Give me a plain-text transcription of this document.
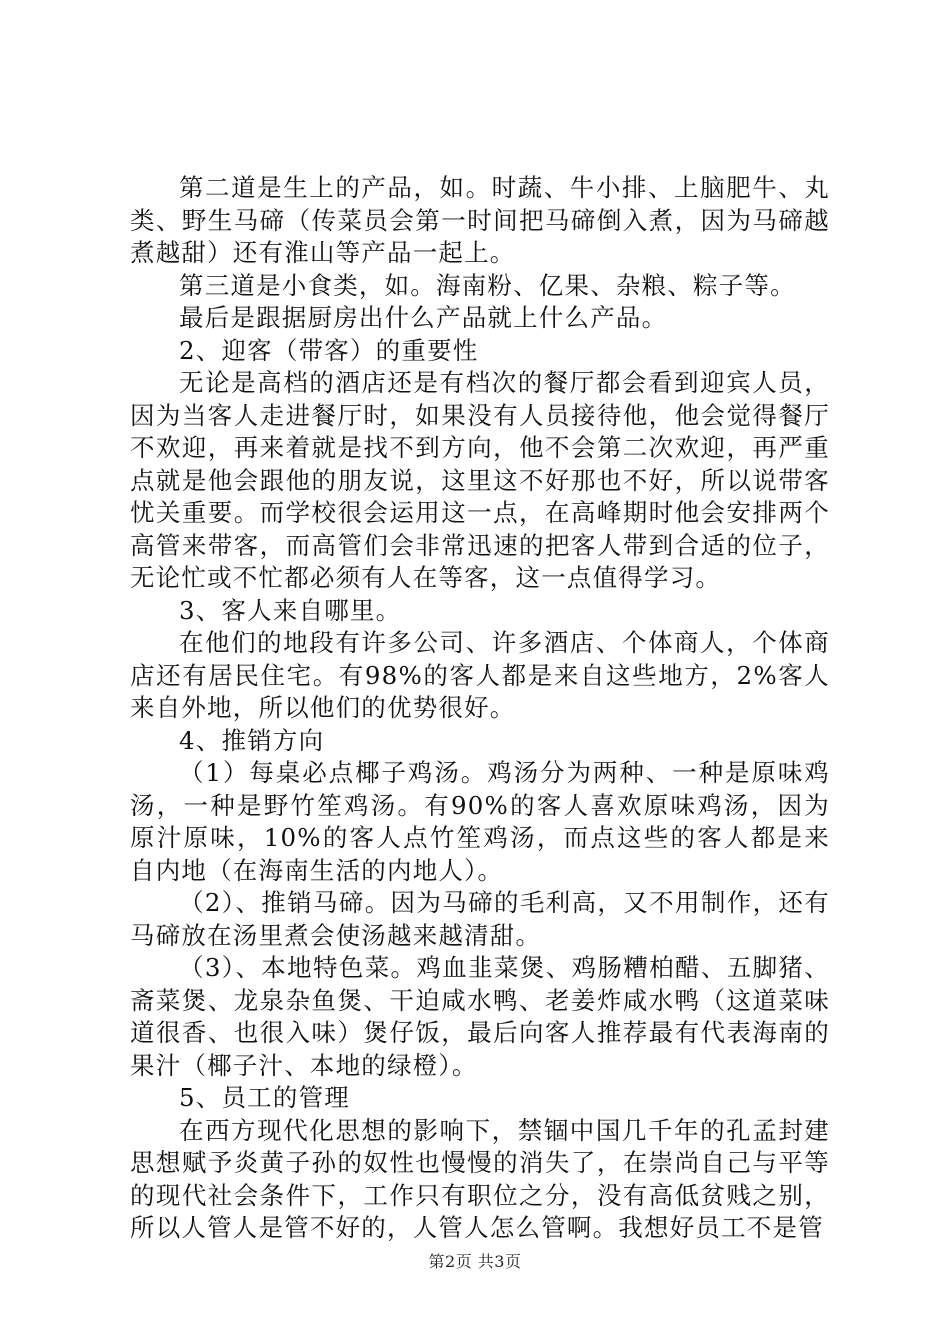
第二道是生上的产品，如。时蔬、牛小排、上脑肥牛、丸类、野生马碲（传菜员会第一时间把马碲倒入煮，因为马碲越煮越甜）还有淮山等产品一起上。

第三道是小食类，如。海南粉、亿果、杂粮、粽子等。

最后是跟据厨房出什么产品就上什么产品。

2、迎客（带客）的重要性

无论是高档的酒店还是有档次的餐厅都会看到迎宾人员，因为当客人走进餐厅时，如果没有人员接待他，他会觉得餐厅不欢迎，再来着就是找不到方向，他不会第二次欢迎，再严重点就是他会跟他的朋友说，这里这不好那也不好，所以说带客忧关重要。而学校很会运用这一点，在高峰期时他会安排两个高管来带客，而高管们会非常迅速的把客人带到合适的位子，无论忙或不忙都必须有人在等客，这一点值得学习。

3、客人来自哪里。

在他们的地段有许多公司、许多酒店、个体商人，个体商店还有居民住宅。有98%的客人都是来自这些地方，2%客人来自外地，所以他们的优势很好。

4、推销方向

（1）每桌必点椰子鸡汤。鸡汤分为两种、一种是原味鸡汤，一种是野竹笙鸡汤。有90%的客人喜欢原味鸡汤，因为原汁原味，10%的客人点竹笙鸡汤，而点这些的客人都是来自内地（在海南生活的内地人）。

（2）、推销马碲。因为马碲的毛利高，又不用制作，还有马碲放在汤里煮会使汤越来越清甜。

（3）、本地特色菜。鸡血韭菜煲、鸡肠糟柏醋、五脚猪、斋菜煲、龙泉杂鱼煲、干迫咸水鸭、老姜炸咸水鸭（这道菜味道很香、也很入味）煲仔饭，最后向客人推荐最有代表海南的果汁（椰子汁、本地的绿橙）。

5、员工的管理

在西方现代化思想的影响下，禁锢中国几千年的孔孟封建思想赋予炎黄子孙的奴性也慢慢的消失了，在崇尚自己与平等的现代社会条件下，工作只有职位之分，没有高低贫贱之别，所以人管人是管不好的，人管人怎么管啊。我想好员工不是管

第2页 共3页
